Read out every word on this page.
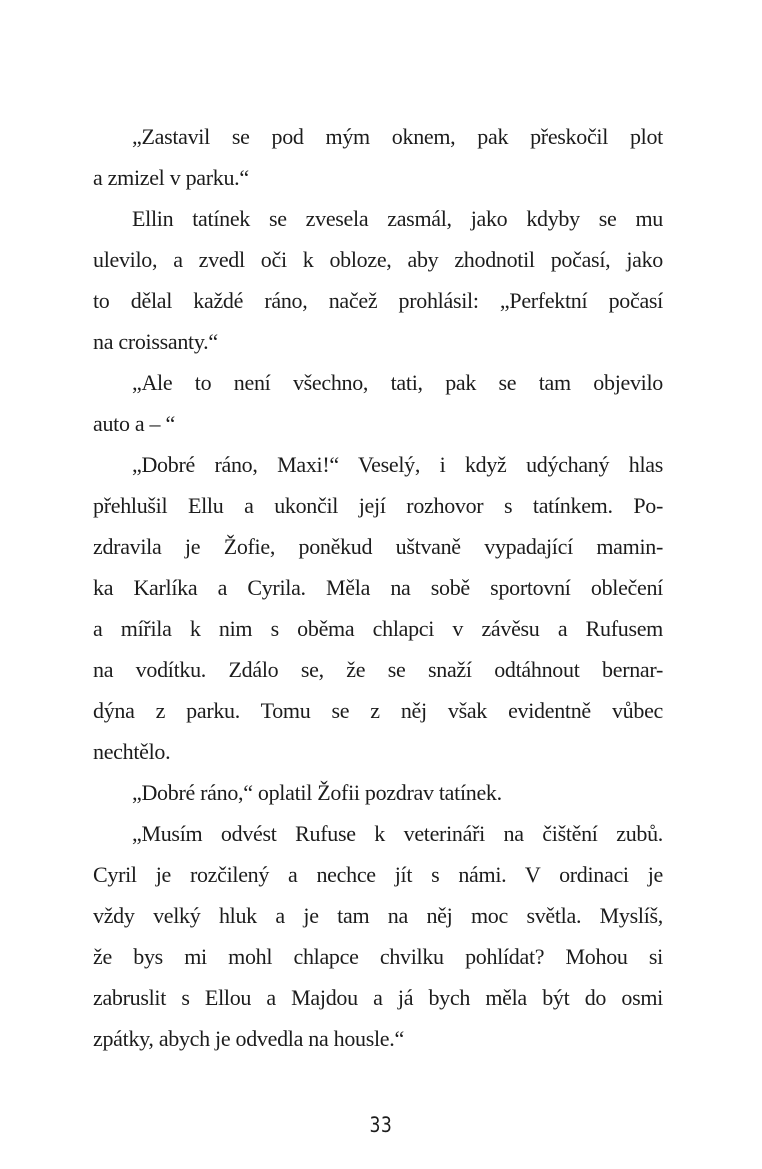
„Zastavil se pod mým oknem, pak přeskočil plot
a zmizel v parku.“
Ellin tatínek se zvesela zasmál, jako kdyby se mu
ulevilo, a zvedl oči k obloze, aby zhodnotil počasí, jako
to dělal každé ráno, načež prohlásil: „Perfektní počasí
na croissanty.“
„Ale to není všechno, tati, pak se tam objevilo
auto a – “
„Dobré ráno, Maxi!“ Veselý, i když udýchaný hlas
přehlušil Ellu a ukončil její rozhovor s tatínkem. Po-
zdravila je Žofie, poněkud uštvaně vypadající mamin-
ka Karlíka a Cyrila. Měla na sobě sportovní oblečení
a mířila k nim s oběma chlapci v závěsu a Rufusem
na vodítku. Zdálo se, že se snaží odtáhnout bernar-
dýna z parku. Tomu se z něj však evidentně vůbec
nechtělo.
„Dobré ráno,“ oplatil Žofii pozdrav tatínek.
„Musím odvést Rufuse k veterináři na čištění zubů.
Cyril je rozčilený a nechce jít s námi. V ordinaci je
vždy velký hluk a je tam na něj moc světla. Myslíš,
že bys mi mohl chlapce chvilku pohlídat? Mohou si
zabruslit s Ellou a Majdou a já bych měla být do osmi
zpátky, abych je odvedla na housle.“
33
